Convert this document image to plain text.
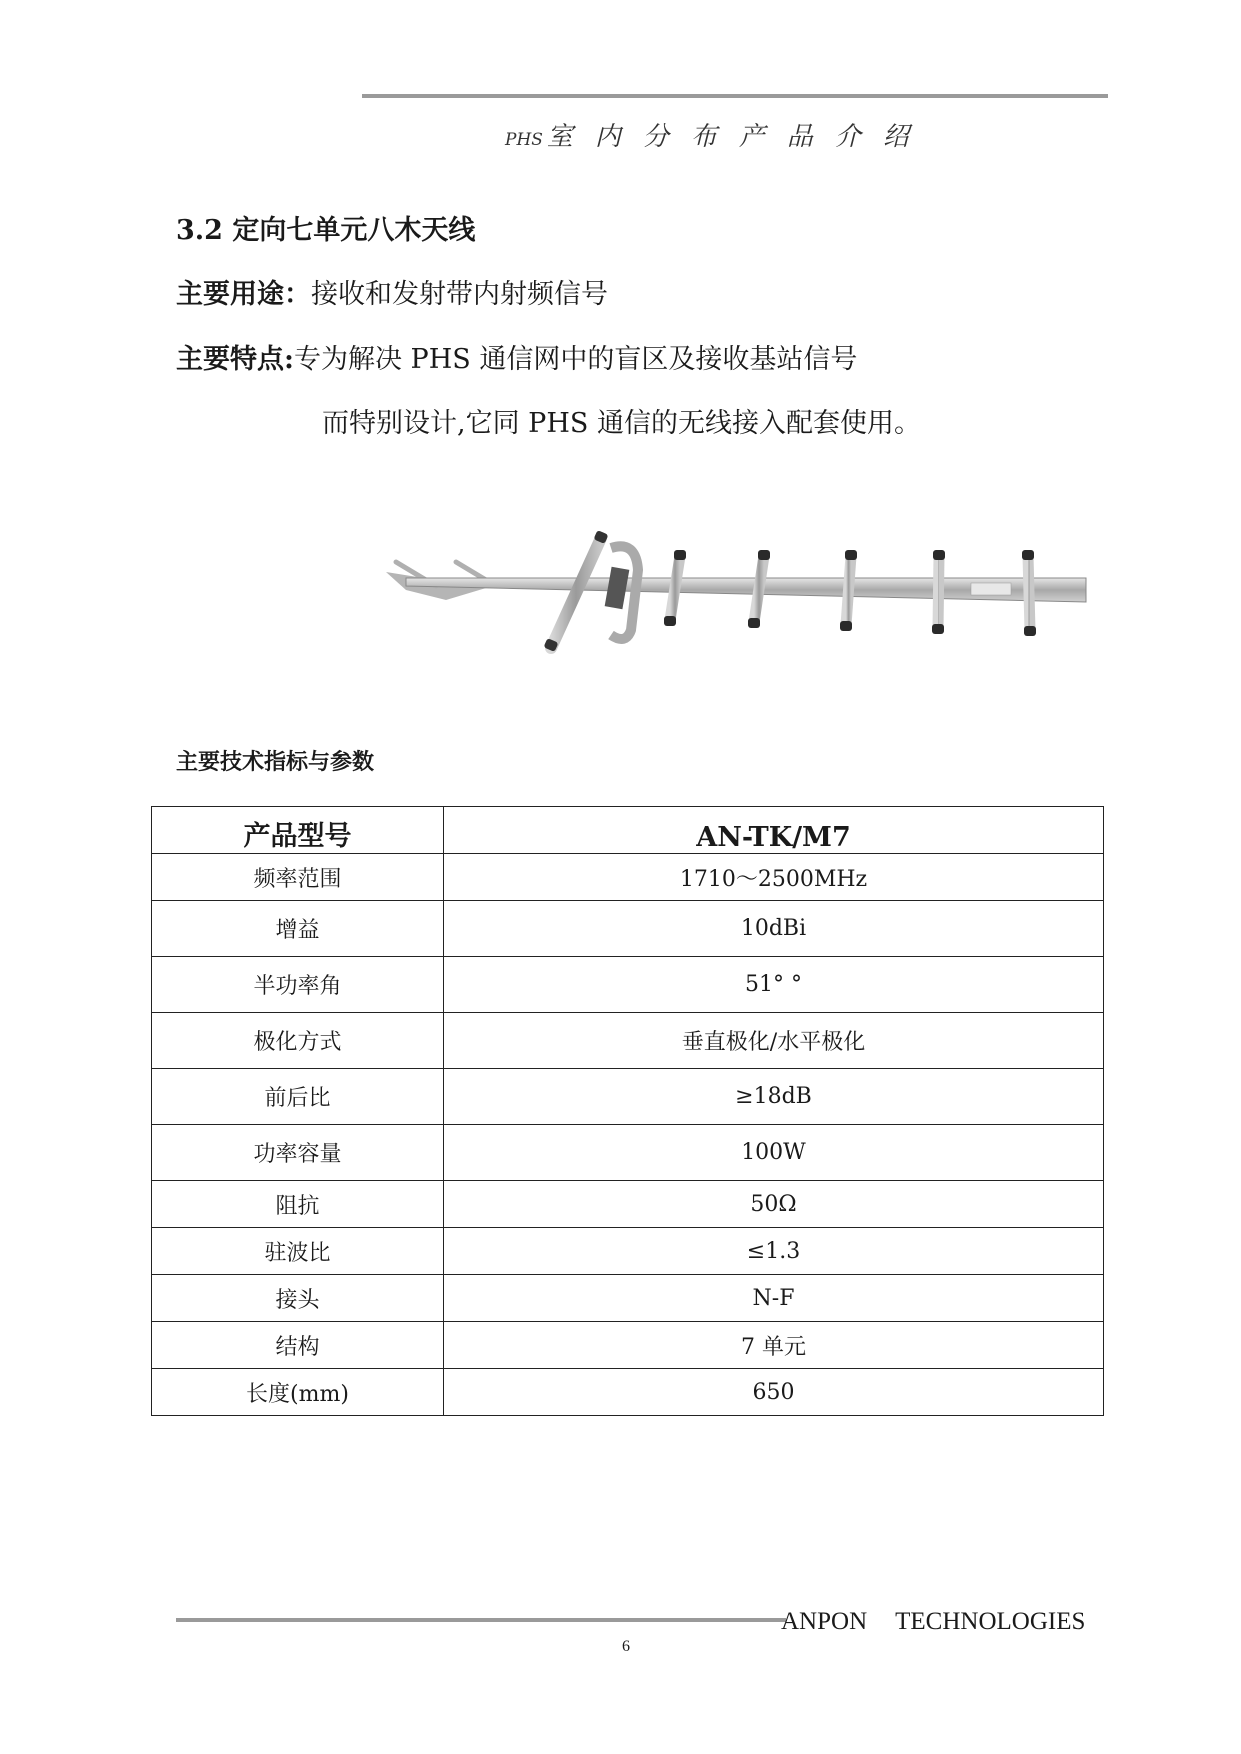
PHS 室内分布产品介绍
3.2 定向七单元八木天线
主要用途：接收和发射带内射频信号
主要特点:专为解决 PHS 通信网中的盲区及接收基站信号
而特别设计,它同 PHS 通信的无线接入配套使用。
主要技术指标与参数
产品型号	AN-TK/M7
频率范围	1710～2500MHz
增益	10dBi
半功率角	51° °
极化方式	垂直极化/水平极化
前后比	≥18dB
功率容量	100W
阻抗	50Ω
驻波比	≤1.3
接头	N-F
结构	7 单元
长度(mm)	650
ANPON TECHNOLOGIES
6
